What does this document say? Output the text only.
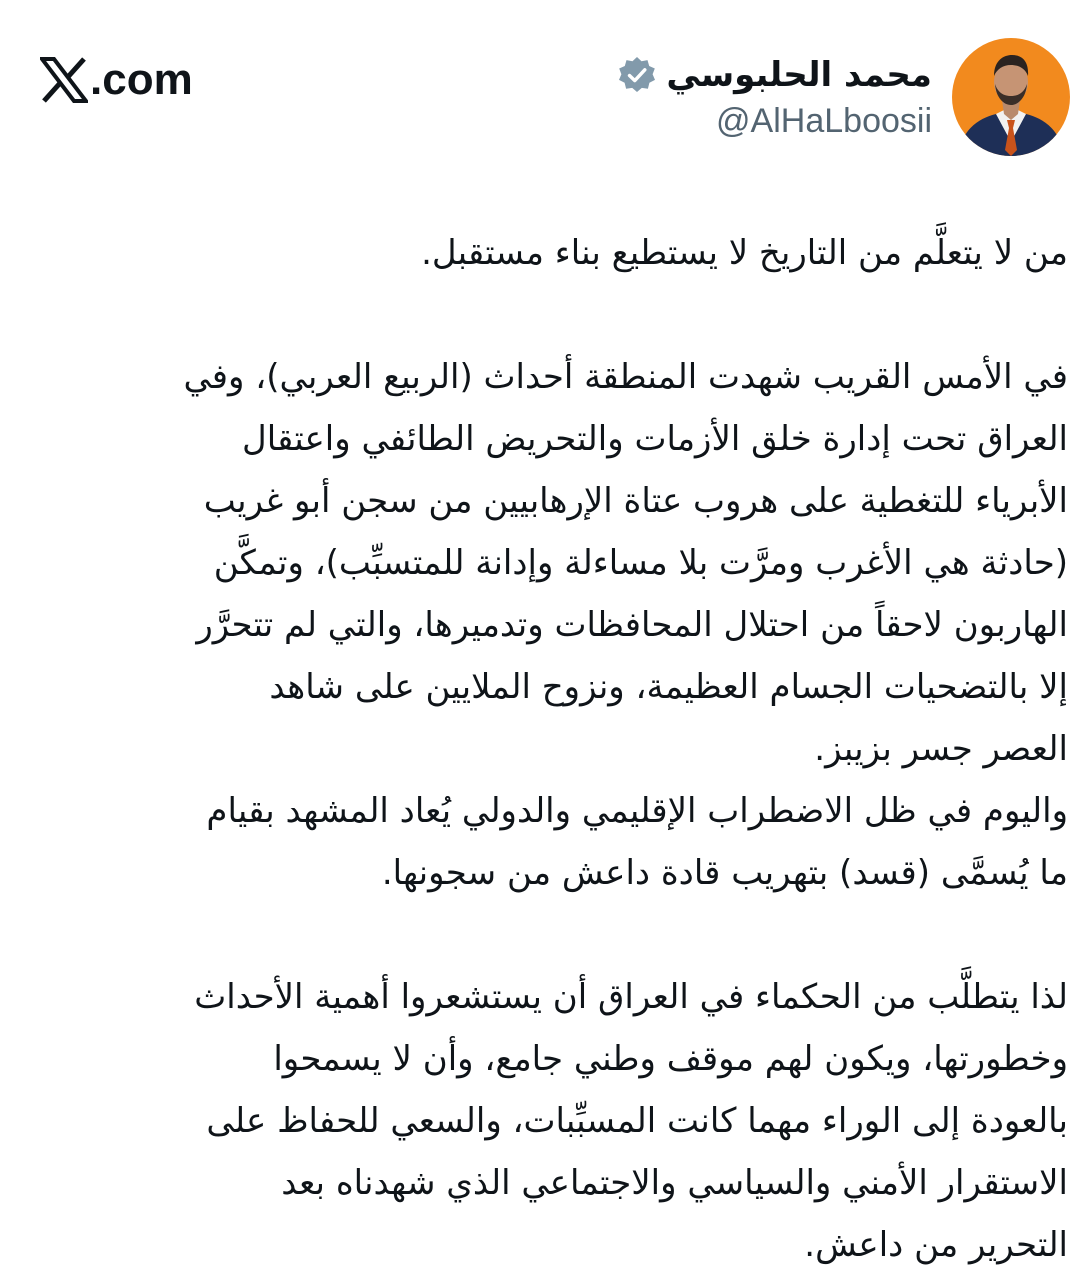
.com	محمد الحلبوسي
@AlHaLboosii

من لا يتعلَّم من التاريخ لا يستطيع بناء مستقبل.

في الأمس القريب شهدت المنطقة أحداث (الربيع العربي)، وفي
العراق تحت إدارة خلق الأزمات والتحريض الطائفي واعتقال
الأبرياء للتغطية على هروب عتاة الإرهابيين من سجن أبو غريب
(حادثة هي الأغرب ومرَّت بلا مساءلة وإدانة للمتسبِّب)، وتمكَّن
الهاربون لاحقاً من احتلال المحافظات وتدميرها، والتي لم تتحرَّر
إلا بالتضحيات الجسام العظيمة، ونزوح الملايين على شاهد
العصر جسر بزيبز.
واليوم في ظل الاضطراب الإقليمي والدولي يُعاد المشهد بقيام
ما يُسمَّى (قسد) بتهريب قادة داعش من سجونها.

لذا يتطلَّب من الحكماء في العراق أن يستشعروا أهمية الأحداث
وخطورتها، ويكون لهم موقف وطني جامع، وأن لا يسمحوا
بالعودة إلى الوراء مهما كانت المسبِّبات، والسعي للحفاظ على
الاستقرار الأمني والسياسي والاجتماعي الذي شهدناه بعد
التحرير من داعش.
